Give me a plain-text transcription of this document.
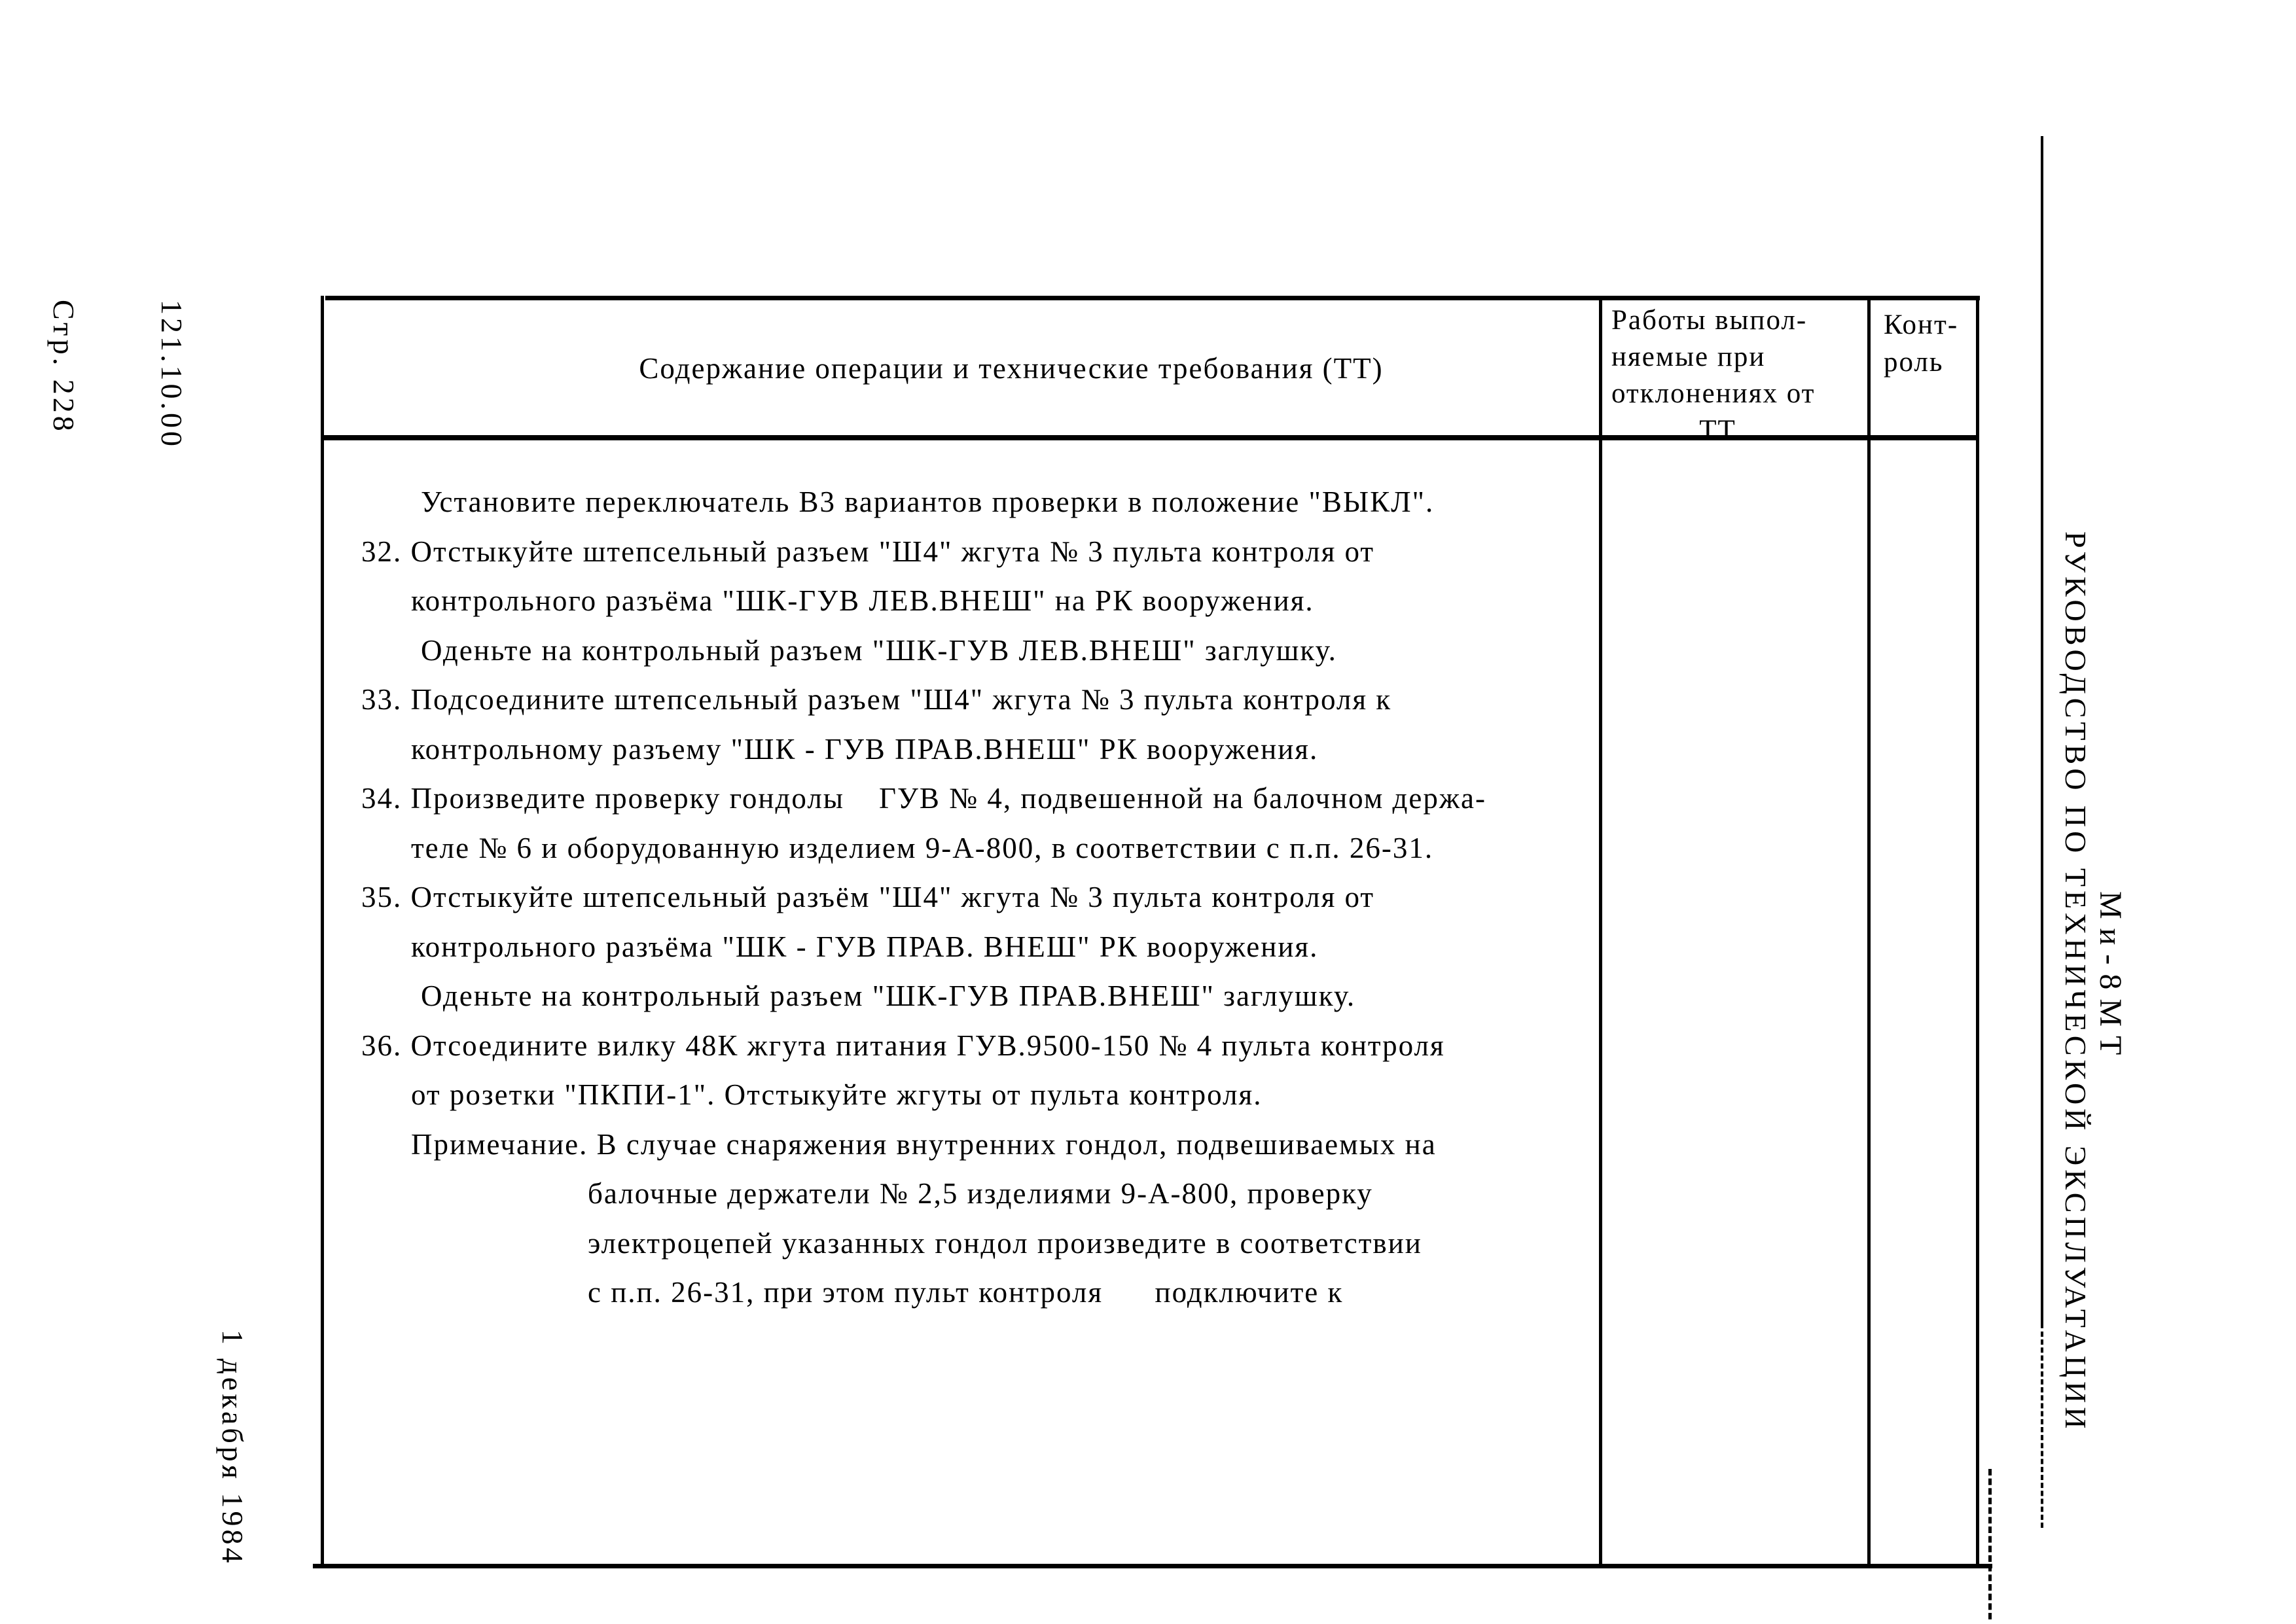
121.10.00

Стр. 228

1 декабря 1984
РУКОВОДСТВО ПО ТЕХНИЧЕСКОЙ ЭКСПЛУАТАЦИИ Ми-8МТ
Содержание операции и технические требования (ТТ)
Работы выпол-
няемые при
отклонениях от
ТТ
Конт-
роль
Установите переключатель В3 вариантов проверки в положение "ВЫКЛ".
32. Отстыкуйте штепсельный разъем "Ш4" жгута № 3 пульта контроля от
контрольного разъёма "ШК-ГУВ ЛЕВ.ВНЕШ" на РК вооружения.
Оденьте на контрольный разъем "ШК-ГУВ ЛЕВ.ВНЕШ" заглушку.
33. Подсоедините штепсельный разъем "Ш4" жгута № 3 пульта контроля к
контрольному разъему "ШК - ГУВ ПРАВ.ВНЕШ" РК вооружения.
34. Произведите проверку гондолы    ГУВ № 4, подвешенной на балочном держа-
теле № 6 и оборудованную изделием 9-А-800, в соответствии с п.п. 26-31.
35. Отстыкуйте штепсельный разъём "Ш4" жгута № 3 пульта контроля от
контрольного разъёма "ШК - ГУВ ПРАВ. ВНЕШ" РК вооружения.
Оденьте на контрольный разъем "ШК-ГУВ ПРАВ.ВНЕШ" заглушку.
36. Отсоедините вилку 48К жгута питания ГУВ.9500-150 № 4 пульта контроля
от розетки "ПКПИ-1". Отстыкуйте жгуты от пульта контроля.
Примечание. В случае снаряжения внутренних гондол, подвешиваемых на
балочные держатели № 2,5 изделиями 9-А-800, проверку
электроцепей указанных гондол произведите в соответствии
с п.п. 26-31, при этом пульт контроля      подключите к
